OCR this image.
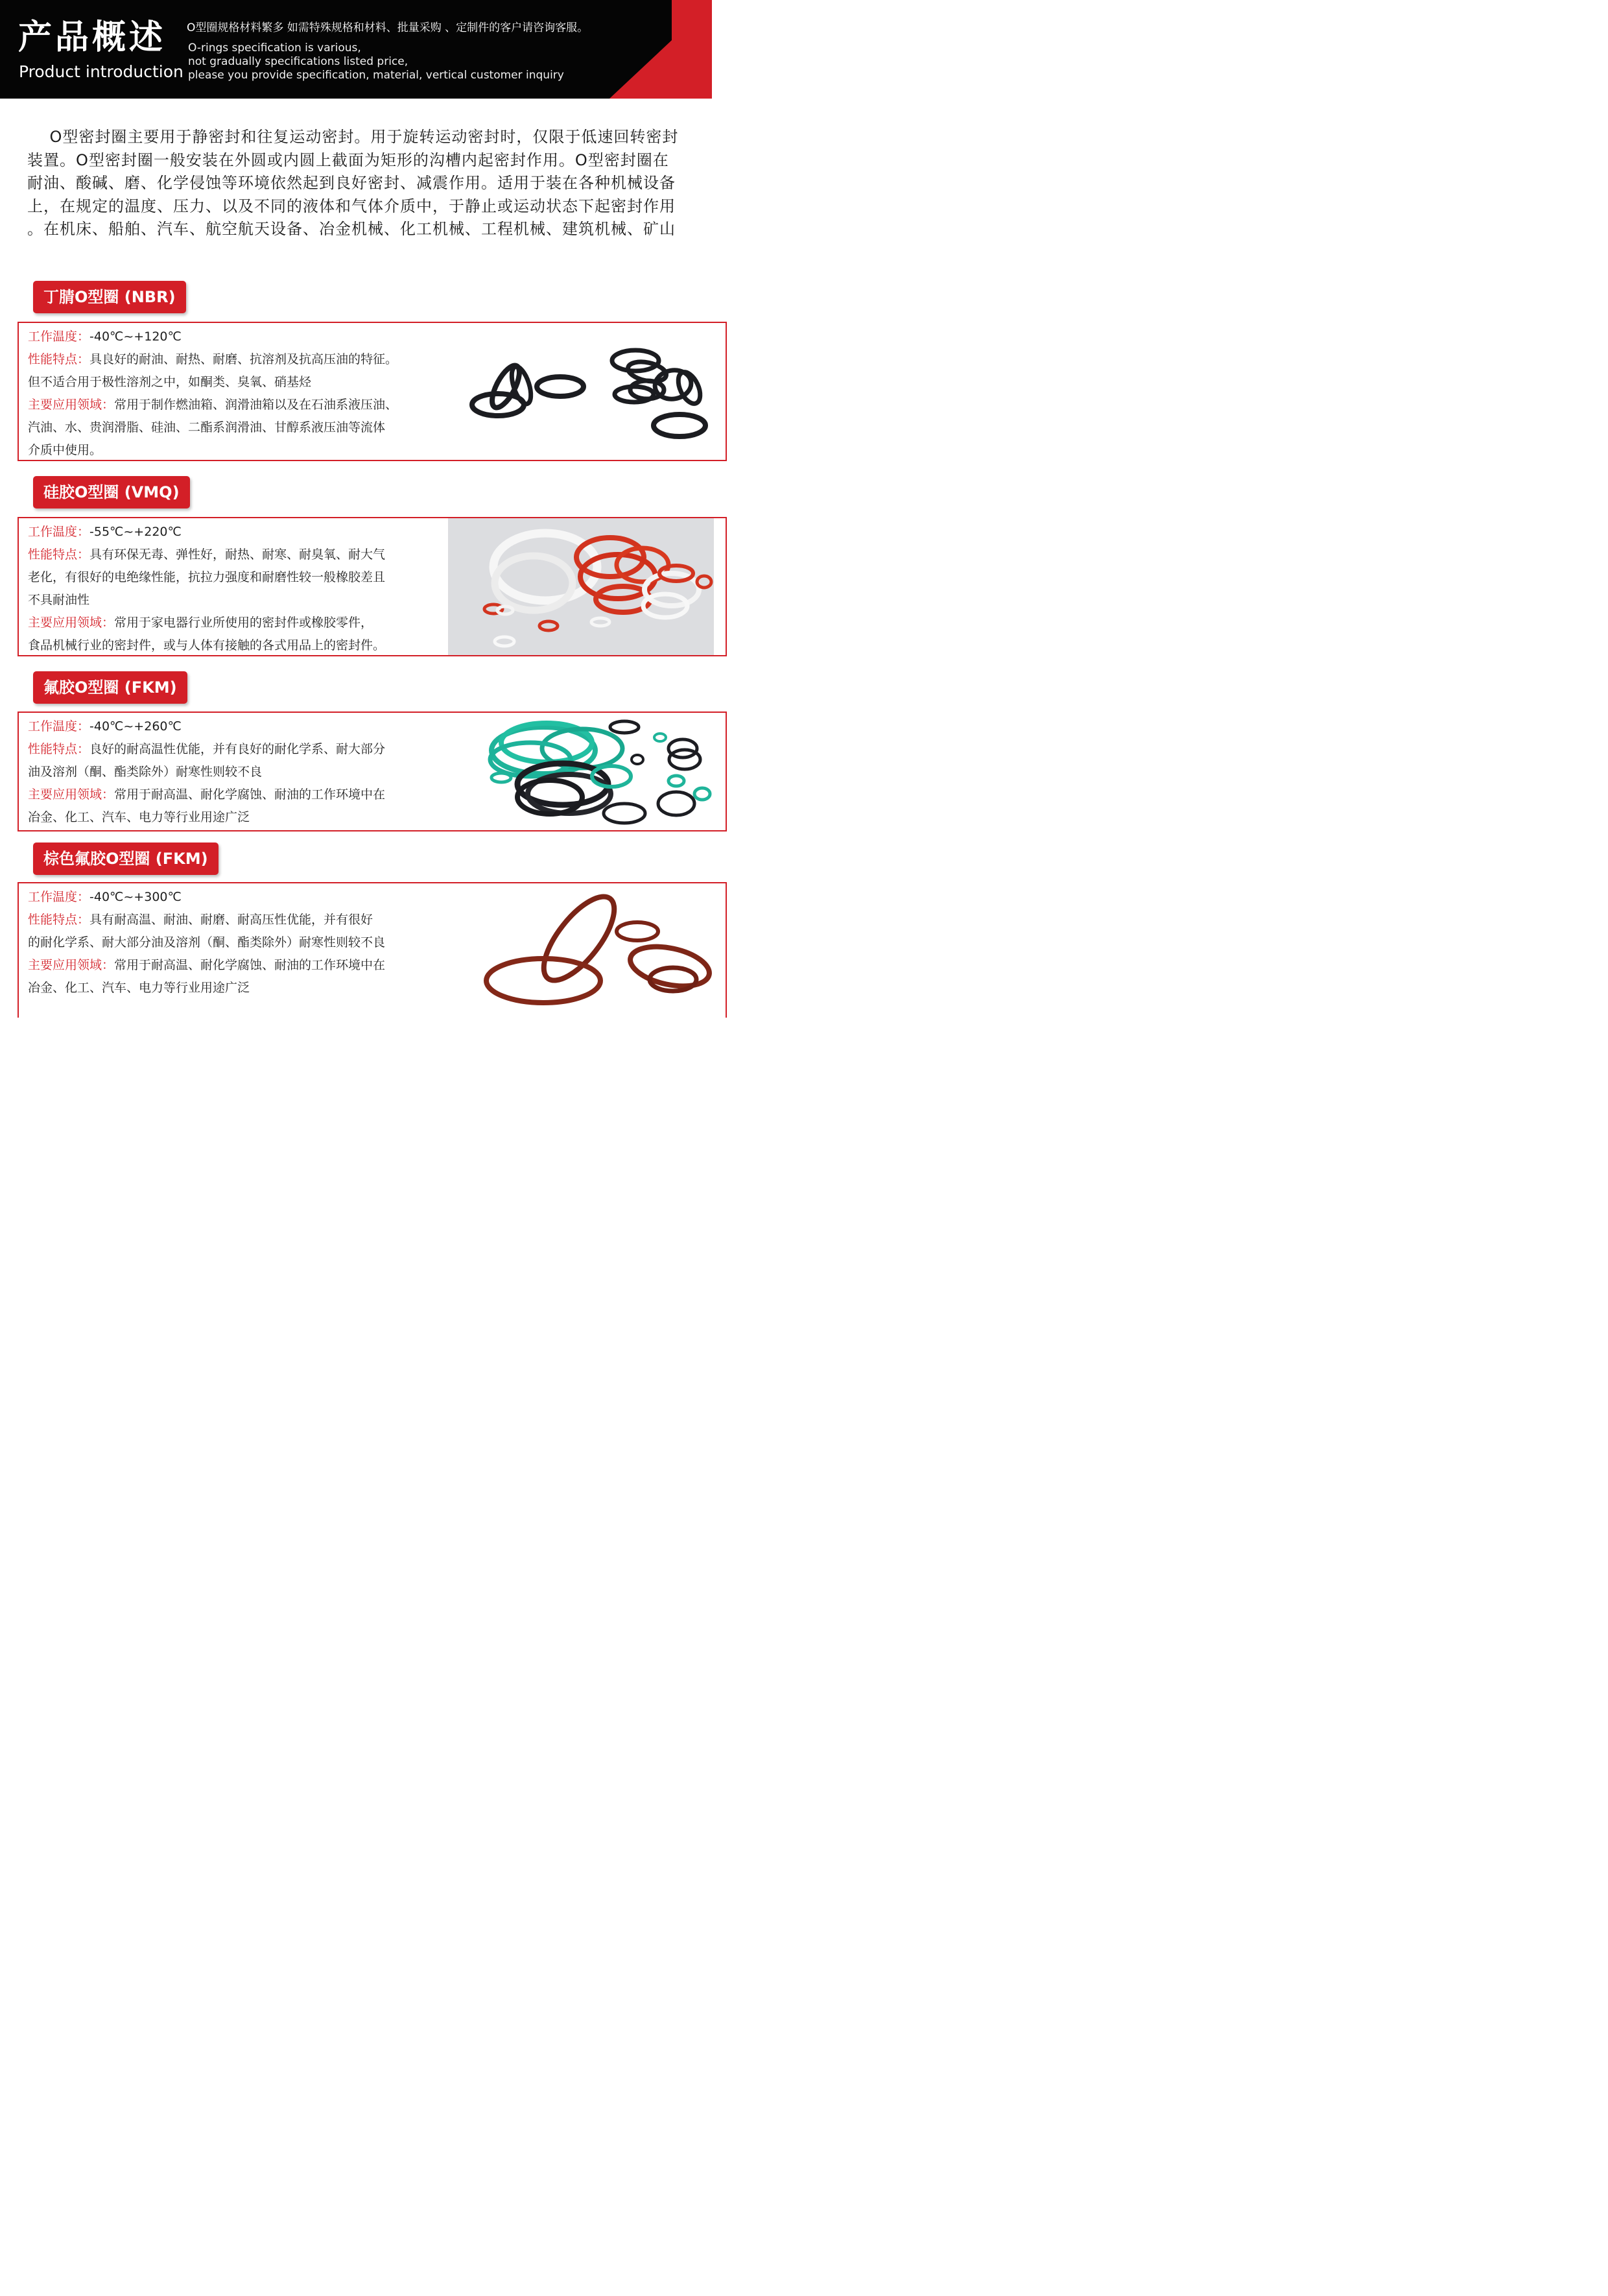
产品概述
Product introduction
O型圈规格材料繁多 如需特殊规格和材料、批量采购 、定制件的客户请咨询客服。
O-rings specification is various,
not gradually specifications listed price,
please you provide specification, material, vertical customer inquiry
O型密封圈主要用于静密封和往复运动密封。用于旋转运动密封时，仅限于低速回转密封
装置。O型密封圈一般安装在外圆或内圆上截面为矩形的沟槽内起密封作用。O型密封圈在
耐油、酸碱、磨、化学侵蚀等环境依然起到良好密封、减震作用。适用于装在各种机械设备
上，在规定的温度、压力、以及不同的液体和气体介质中，于静止或运动状态下起密封作用
。在机床、船舶、汽车、航空航天设备、冶金机械、化工机械、工程机械、建筑机械、矿山
丁腈O型圈 (NBR)
工作温度：-40℃~+120℃
性能特点：具良好的耐油、耐热、耐磨、抗溶剂及抗高压油的特征。
但不适合用于极性溶剂之中，如酮类、臭氧、硝基烃
主要应用领域：常用于制作燃油箱、润滑油箱以及在石油系液压油、
汽油、水、贵润滑脂、硅油、二酯系润滑油、甘醇系液压油等流体
介质中使用。
硅胶O型圈 (VMQ)
工作温度：-55℃~+220℃
性能特点：具有环保无毒、弹性好，耐热、耐寒、耐臭氧、耐大气
老化，有很好的电绝缘性能，抗拉力强度和耐磨性较一般橡胶差且
不具耐油性
主要应用领域：常用于家电器行业所使用的密封件或橡胶零件，
食品机械行业的密封件，或与人体有接触的各式用品上的密封件。
氟胶O型圈 (FKM)
工作温度：-40℃~+260℃
性能特点：良好的耐高温性优能，并有良好的耐化学系、耐大部分
油及溶剂（酮、酯类除外）耐寒性则较不良
主要应用领域：常用于耐高温、耐化学腐蚀、耐油的工作环境中在
冶金、化工、汽车、电力等行业用途广泛
棕色氟胶O型圈 (FKM)
工作温度：-40℃~+300℃
性能特点：具有耐高温、耐油、耐磨、耐高压性优能，并有很好
的耐化学系、耐大部分油及溶剂（酮、酯类除外）耐寒性则较不良
主要应用领域：常用于耐高温、耐化学腐蚀、耐油的工作环境中在
冶金、化工、汽车、电力等行业用途广泛
